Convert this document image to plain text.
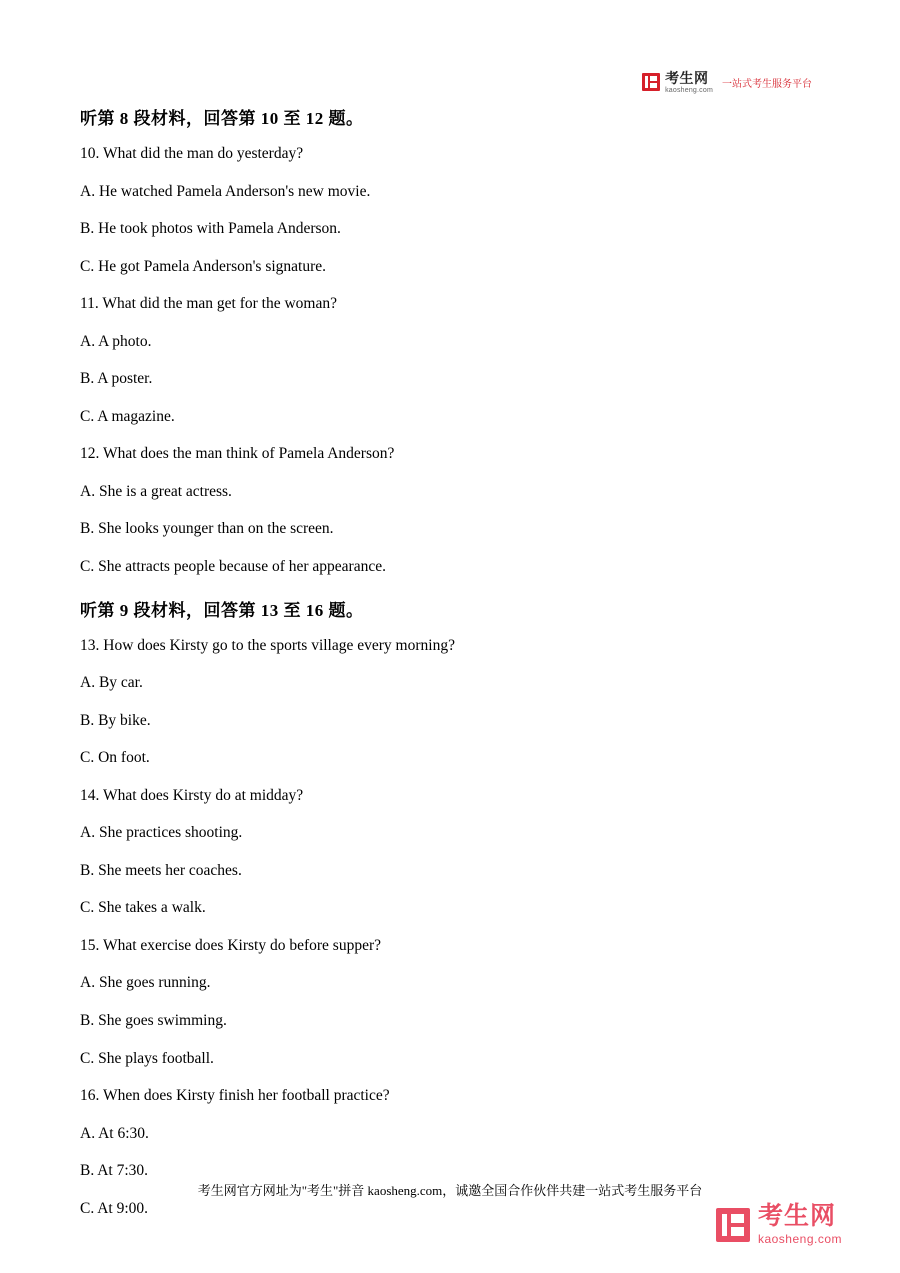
考生网
kaosheng.com
一站式考生服务平台
听第 8 段材料，回答第 10 至 12 题。

10. What did the man do yesterday?

A. He watched Pamela Anderson's new movie.

B. He took photos with Pamela Anderson.

C. He got Pamela Anderson's signature.

11. What did the man get for the woman?

A. A photo.

B. A poster.

C. A magazine.

12. What does the man think of Pamela Anderson?

A. She is a great actress.

B. She looks younger than on the screen.

C. She attracts people because of her appearance.

听第 9 段材料，回答第 13 至 16 题。

13. How does Kirsty go to the sports village every morning?

A. By car.

B. By bike.

C. On foot.

14. What does Kirsty do at midday?

A. She practices shooting.

B. She meets her coaches.

C. She takes a walk.

15. What exercise does Kirsty do before supper?

A. She goes running.

B. She goes swimming.

C. She plays football.

16. When does Kirsty finish her football practice?

A. At 6:30.

B. At 7:30.

C. At 9:00.

考生网官方网址为"考生"拼音 kaosheng.com，诚邀全国合作伙伴共建一站式考生服务平台
考生网
kaosheng.com
